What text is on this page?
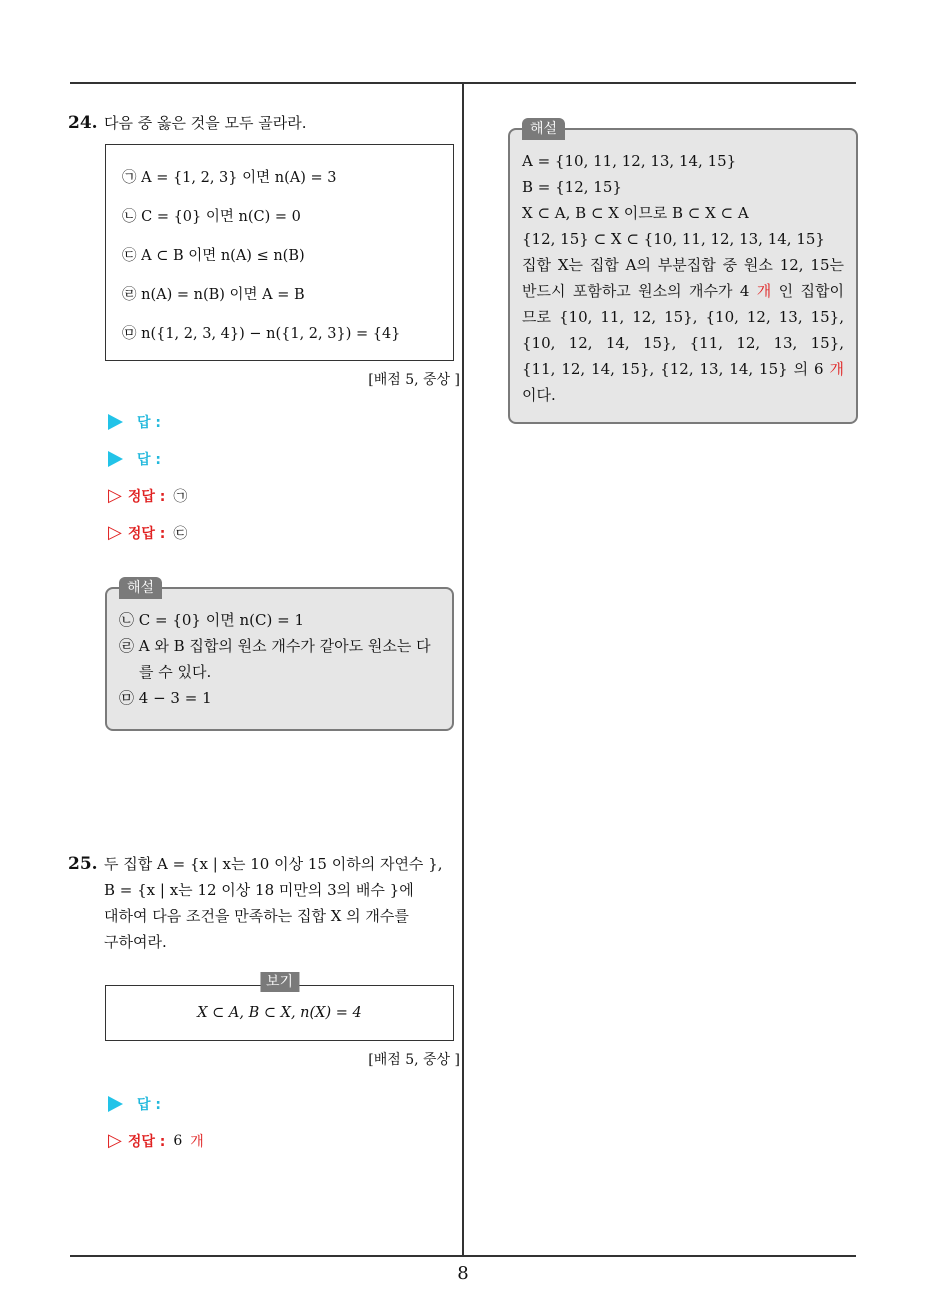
24. 다음 중 옳은 것을 모두 골라라.
㉠ A = {1, 2, 3} 이면 n(A) = 3
㉡ C = {0} 이면 n(C) = 0
㉢ A ⊂ B 이면 n(A) ≤ n(B)
㉣ n(A) = n(B) 이면 A = B
㉤ n({1, 2, 3, 4}) − n({1, 2, 3}) = {4}
[배점 5, 중상 ]
답 :
답 :
▷ 정답 : ㉠
▷ 정답 : ㉢
해설
㉡ C = {0} 이면 n(C) = 1
㉣ A 와 B 집합의 원소 개수가 같아도 원소는 다
를 수 있다.
㉤ 4 − 3 = 1
25. 두 집합 A = {x | x는 10 이상 15 이하의 자연수 },
B = {x | x는 12 이상 18 미만의 3의 배수 }에
대하여 다음 조건을 만족하는 집합 X 의 개수를
구하여라.
보기
X ⊂ A, B ⊂ X, n(X) = 4
[배점 5, 중상 ]
답 :
▷ 정답 : 6 개
해설
A = {10, 11, 12, 13, 14, 15}
B = {12, 15}
X ⊂ A, B ⊂ X 이므로 B ⊂ X ⊂ A
{12, 15} ⊂ X ⊂ {10, 11, 12, 13, 14, 15}
집합 X는 집합 A의 부분집합 중 원소 12, 15는
반드시 포함하고 원소의 개수가 4 개 인 집합이
므로 {10, 11, 12, 15}, {10, 12, 13, 15},
{10, 12, 14, 15}, {11, 12, 13, 15},
{11, 12, 14, 15}, {12, 13, 14, 15} 의 6 개이다.
8
